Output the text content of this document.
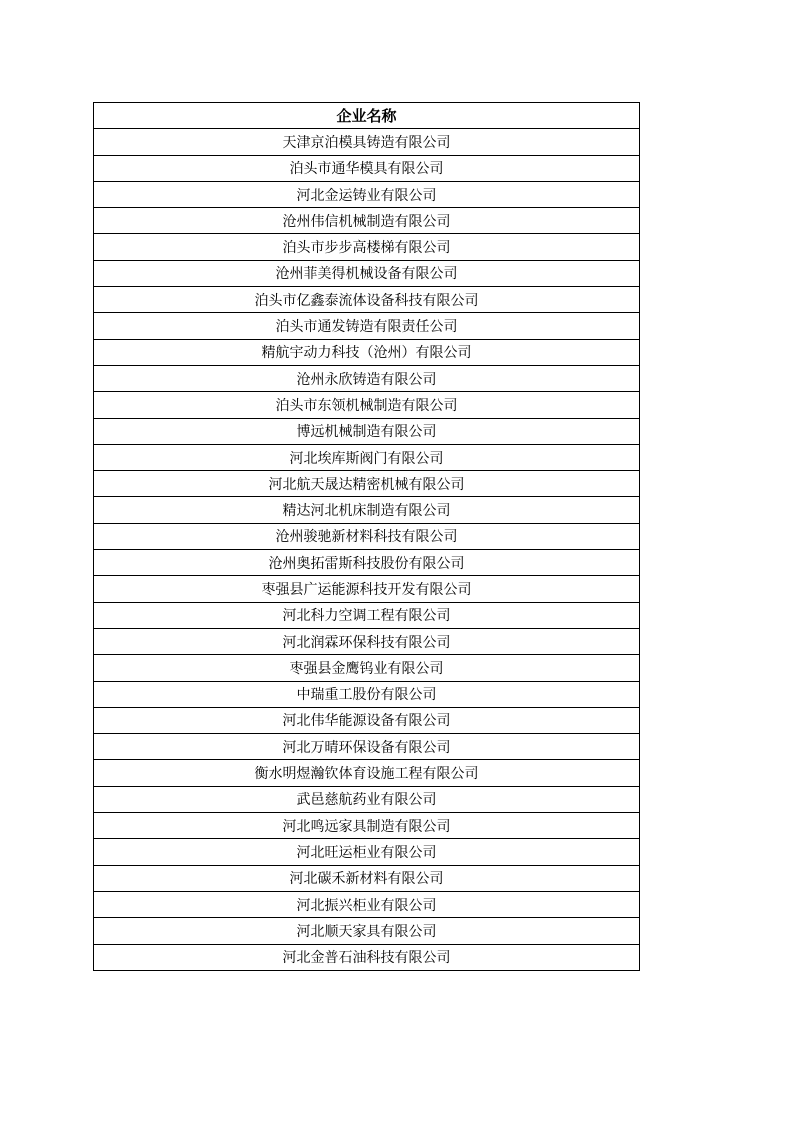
企业名称
天津京泊模具铸造有限公司
泊头市通华模具有限公司
河北金运铸业有限公司
沧州伟信机械制造有限公司
泊头市步步高楼梯有限公司
沧州菲美得机械设备有限公司
泊头市亿鑫泰流体设备科技有限公司
泊头市通发铸造有限责任公司
精航宇动力科技（沧州）有限公司
沧州永欣铸造有限公司
泊头市东领机械制造有限公司
博远机械制造有限公司
河北埃库斯阀门有限公司
河北航天晟达精密机械有限公司
精达河北机床制造有限公司
沧州骏驰新材料科技有限公司
沧州奥拓雷斯科技股份有限公司
枣强县广运能源科技开发有限公司
河北科力空调工程有限公司
河北润霖环保科技有限公司
枣强县金鹰钨业有限公司
中瑞重工股份有限公司
河北伟华能源设备有限公司
河北万晴环保设备有限公司
衡水明煜瀚钦体育设施工程有限公司
武邑慈航药业有限公司
河北鸣远家具制造有限公司
河北旺运柜业有限公司
河北碳禾新材料有限公司
河北振兴柜业有限公司
河北顺天家具有限公司
河北金普石油科技有限公司
